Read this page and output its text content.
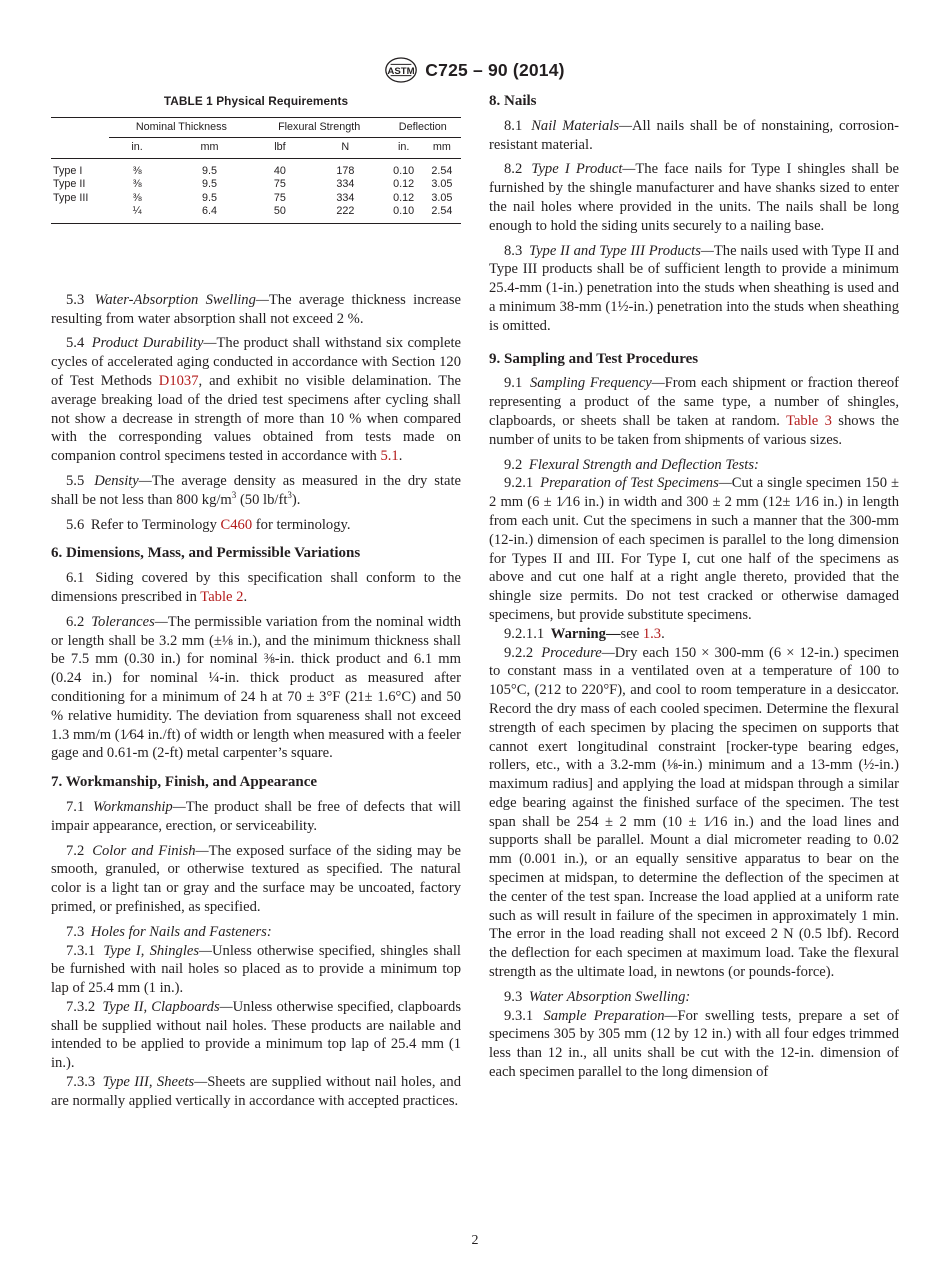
ASTM C725 – 90 (2014)
TABLE 1 Physical Requirements
	Nominal Thickness		Flexural Strength		Deflection	
	in.	mm	lbf	N	in.	mm
Type I	⅜	9.5	40	178	0.10	2.54
Type II	⅜	9.5	75	334	0.12	3.05
Type III	⅜	9.5	75	334	0.12	3.05
	¼	6.4	50	222	0.10	2.54

5.3 Water-Absorption Swelling—The average thickness increase resulting from water absorption shall not exceed 2 %.

5.4 Product Durability—The product shall withstand six complete cycles of accelerated aging conducted in accordance with Section 120 of Test Methods D1037, and exhibit no visible delamination. The average breaking load of the dried test specimens after cycling shall not show a decrease in strength of more than 10 % when compared with the corresponding values obtained from tests made on companion control specimens tested in accordance with 5.1.

5.5 Density—The average density as measured in the dry state shall be not less than 800 $kg/m^3$ (50 $lb/ft^3$).

5.6 Refer to Terminology C460 for terminology.

6. Dimensions, Mass, and Permissible Variations

6.1 Siding covered by this specification shall conform to the dimensions prescribed in Table 2.

6.2 Tolerances—The permissible variation from the nominal width or length shall be 3.2 mm (±⅛ in.), and the minimum thickness shall be 7.5 mm (0.30 in.) for nominal ⅜-in. thick product and 6.1 mm (0.24 in.) for nominal ¼-in. thick product as measured after conditioning for a minimum of 24 h at 70 ± 3°F (21± 1.6°C) and 50 % relative humidity. The deviation from squareness shall not exceed 1.3 mm/m (1⁄64 in./ft) of width or length when measured with a feeler gage and 0.61-m (2-ft) metal carpenter’s square.

7. Workmanship, Finish, and Appearance

7.1 Workmanship—The product shall be free of defects that will impair appearance, erection, or serviceability.

7.2 Color and Finish—The exposed surface of the siding may be smooth, granuled, or otherwise textured as specified. The natural color is a light tan or gray and the surface may be uncoated, factory primed, or prefinished, as specified.

7.3 Holes for Nails and Fasteners:

7.3.1 Type I, Shingles—Unless otherwise specified, shingles shall be furnished with nail holes so placed as to provide a minimum top lap of 25.4 mm (1 in.).

7.3.2 Type II, Clapboards—Unless otherwise specified, clapboards shall be supplied without nail holes. These products are nailable and intended to be applied to provide a minimum top lap of 25.4 mm (1 in.).

7.3.3 Type III, Sheets—Sheets are supplied without nail holes, and are normally applied vertically in accordance with accepted practices.

8. Nails

8.1 Nail Materials—All nails shall be of nonstaining, corrosion-resistant material.

8.2 Type I Product—The face nails for Type I shingles shall be furnished by the shingle manufacturer and have shanks sized to enter the nail holes where provided in the units. The nails shall be long enough to hold the siding units securely to a nailing base.

8.3 Type II and Type III Products—The nails used with Type II and Type III products shall be of sufficient length to provide a minimum 25.4-mm (1-in.) penetration into the studs when sheathing is used and a minimum 38-mm (1½-in.) penetration into the studs when sheathing is omitted.

9. Sampling and Test Procedures

9.1 Sampling Frequency—From each shipment or fraction thereof representing a product of the same type, a number of shingles, clapboards, or sheets shall be taken at random. Table 3 shows the number of units to be taken from shipments of various sizes.

9.2 Flexural Strength and Deflection Tests:

9.2.1 Preparation of Test Specimens—Cut a single specimen 150 ± 2 mm (6 ± 1⁄16 in.) in width and 300 ± 2 mm (12± 1⁄16 in.) in length from each unit. Cut the specimens in such a manner that the 300-mm (12-in.) dimension of each specimen is parallel to the long dimension for Types II and III. For Type I, cut one half of the specimens as above and cut one half at a right angle thereto, provided that the shingle size permits. Do not test cracked or otherwise damaged specimens, but provide substitute specimens.

9.2.1.1 Warning—see 1.3.

9.2.2 Procedure—Dry each 150 × 300-mm (6 × 12-in.) specimen to constant mass in a ventilated oven at a temperature of 100 to 105°C, (212 to 220°F), and cool to room temperature in a desiccator. Record the dry mass of each cooled specimen. Determine the flexural strength of each specimen by placing the specimen on supports that cannot exert longitudinal constraint [rocker-type bearing edges, rollers, etc., with a 3.2-mm (⅛-in.) minimum and a 13-mm (½-in.) maximum radius] and applying the load at midspan through a similar edge bearing against the finished surface of the specimen. The test span shall be 254 ± 2 mm (10 ± 1⁄16 in.) and the load lines and supports shall be parallel. Mount a dial micrometer reading to 0.02 mm (0.001 in.), or an equally sensitive apparatus to bear on the specimen at midspan, to determine the deflection of the specimen at the center of the test span. Increase the load applied at a uniform rate such as will result in failure of the specimen in approximately 1 min. The error in the load reading shall not exceed 2 N (0.5 lbf). Record the deflection for each specimen at maximum load. Take the flexural strength as the ultimate load, in newtons (or pounds-force).

9.3 Water Absorption Swelling:

9.3.1 Sample Preparation—For swelling tests, prepare a set of specimens 305 by 305 mm (12 by 12 in.) with all four edges trimmed less than 12 in., all units shall be cut with the 12-in. dimension of each specimen parallel to the long dimension of

2
